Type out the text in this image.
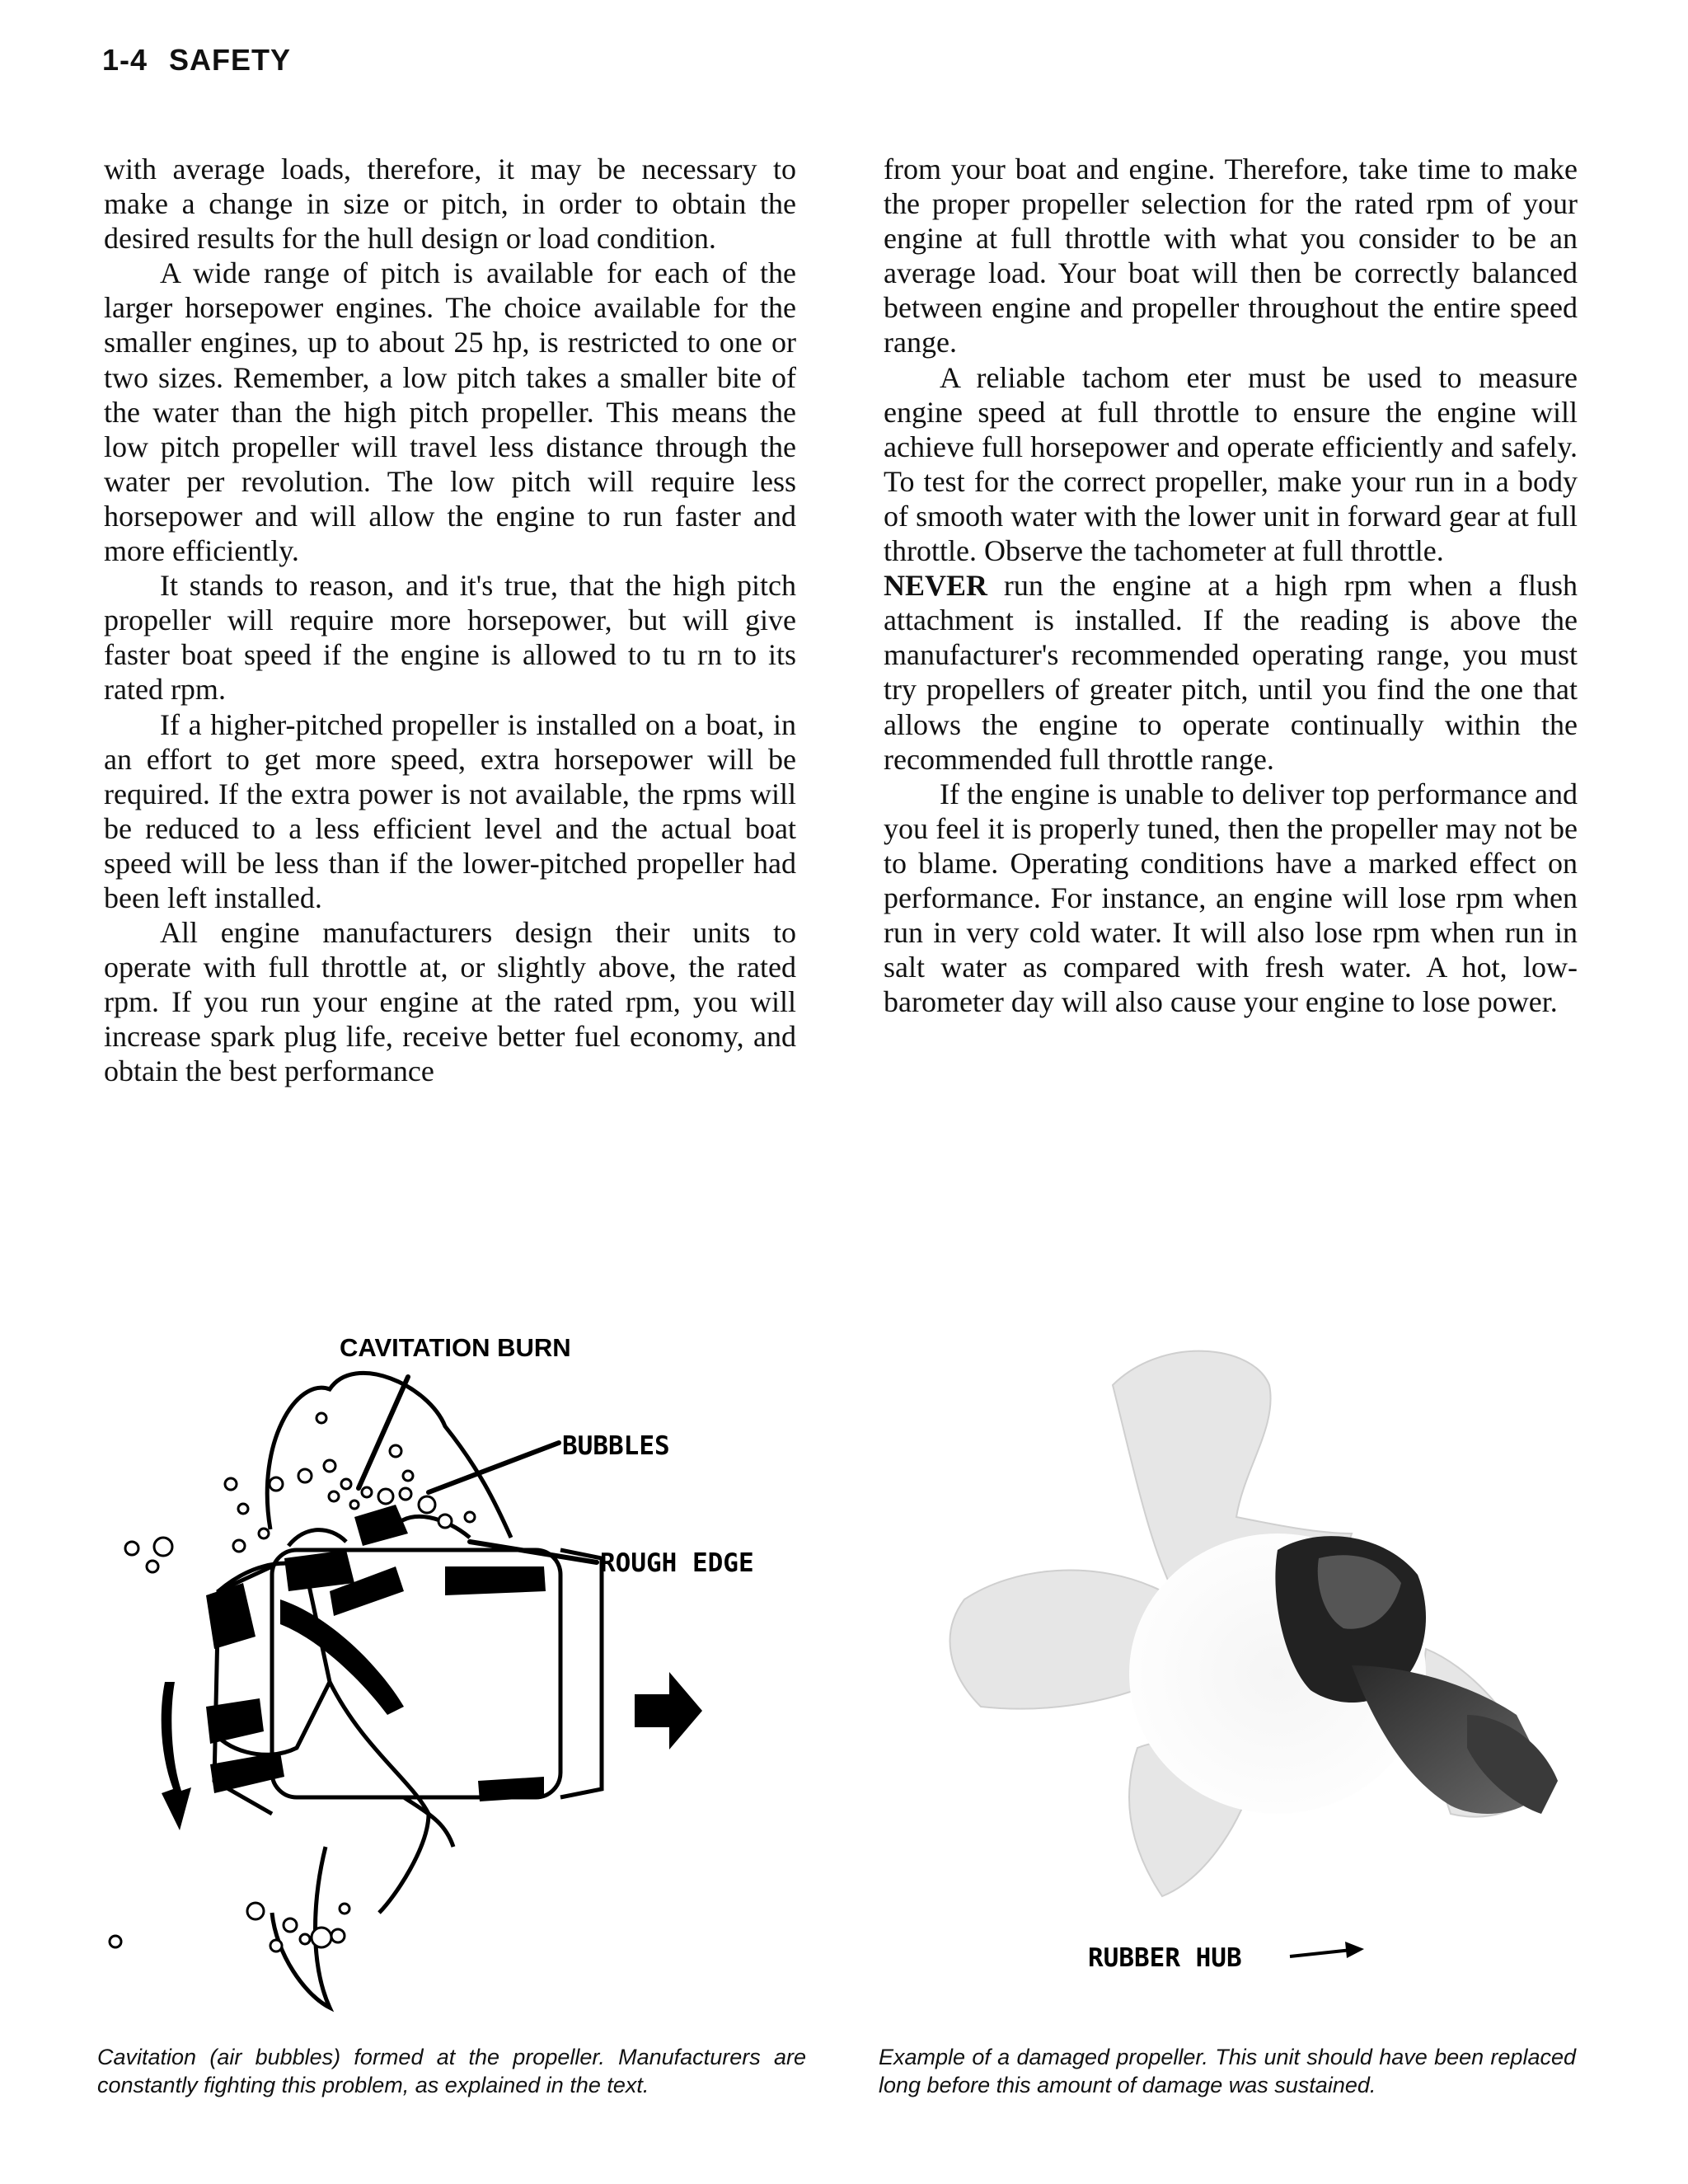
1-4 SAFETY

with average loads, therefore, it may be necessary to make a change in size or pitch, in order to obtain the desired results for the hull design or load condition.

A wide range of pitch is available for each of the larger horsepower engines. The choice available for the smaller engines, up to about 25 hp, is restricted to one or two sizes. Remember, a low pitch takes a smaller bite of the water than the high pitch propeller. This means the low pitch propeller will travel less distance through the water per revolution. The low pitch will require less horsepower and will allow the engine to run faster and more efficiently.

It stands to reason, and it's true, that the high pitch propeller will require more horsepower, but will give faster boat speed if the engine is allowed to tu rn to its rated rpm.

If a higher-pitched propeller is installed on a boat, in an effort to get more speed, extra horsepower will be required. If the extra power is not available, the rpms will be reduced to a less efficient level and the actual boat speed will be less than if the lower-pitched propeller had been left installed.

All engine manufacturers design their units to operate with full throttle at, or slightly above, the rated rpm. If you run your engine at the rated rpm, you will increase spark plug life, receive better fuel economy, and obtain the best performance

from your boat and engine. Therefore, take time to make the proper propeller selection for the rated rpm of your engine at full throttle with what you consider to be an average load. Your boat will then be correctly balanced between engine and propeller throughout the entire speed range.

A reliable tachom eter must be used to measure engine speed at full throttle to ensure the engine will achieve full horsepower and operate efficiently and safely. To test for the correct propeller, make your run in a body of smooth water with the lower unit in forward gear at full throttle. Observe the tachometer at full throttle.

NEVER run the engine at a high rpm when a flush attachment is installed. If the reading is above the manufacturer's recommended operating range, you must try propellers of greater pitch, until you find the one that allows the engine to operate continually within the recommended full throttle range.

If the engine is unable to deliver top performance and you feel it is properly tuned, then the propeller may not be to blame. Operating conditions have a marked effect on performance. For instance, an engine will lose rpm when run in very cold water. It will also lose rpm when run in salt water as compared with fresh water. A hot, low-barometer day will also cause your engine to lose power.

CAVITATION BURN
BUBBLES
ROUGH EDGE
RUBBER HUB
Cavitation (air bubbles) formed at the propeller. Manufacturers are constantly fighting this problem, as explained in the text.
Example of a damaged propeller. This unit should have been replaced long before this amount of damage was sustained.
